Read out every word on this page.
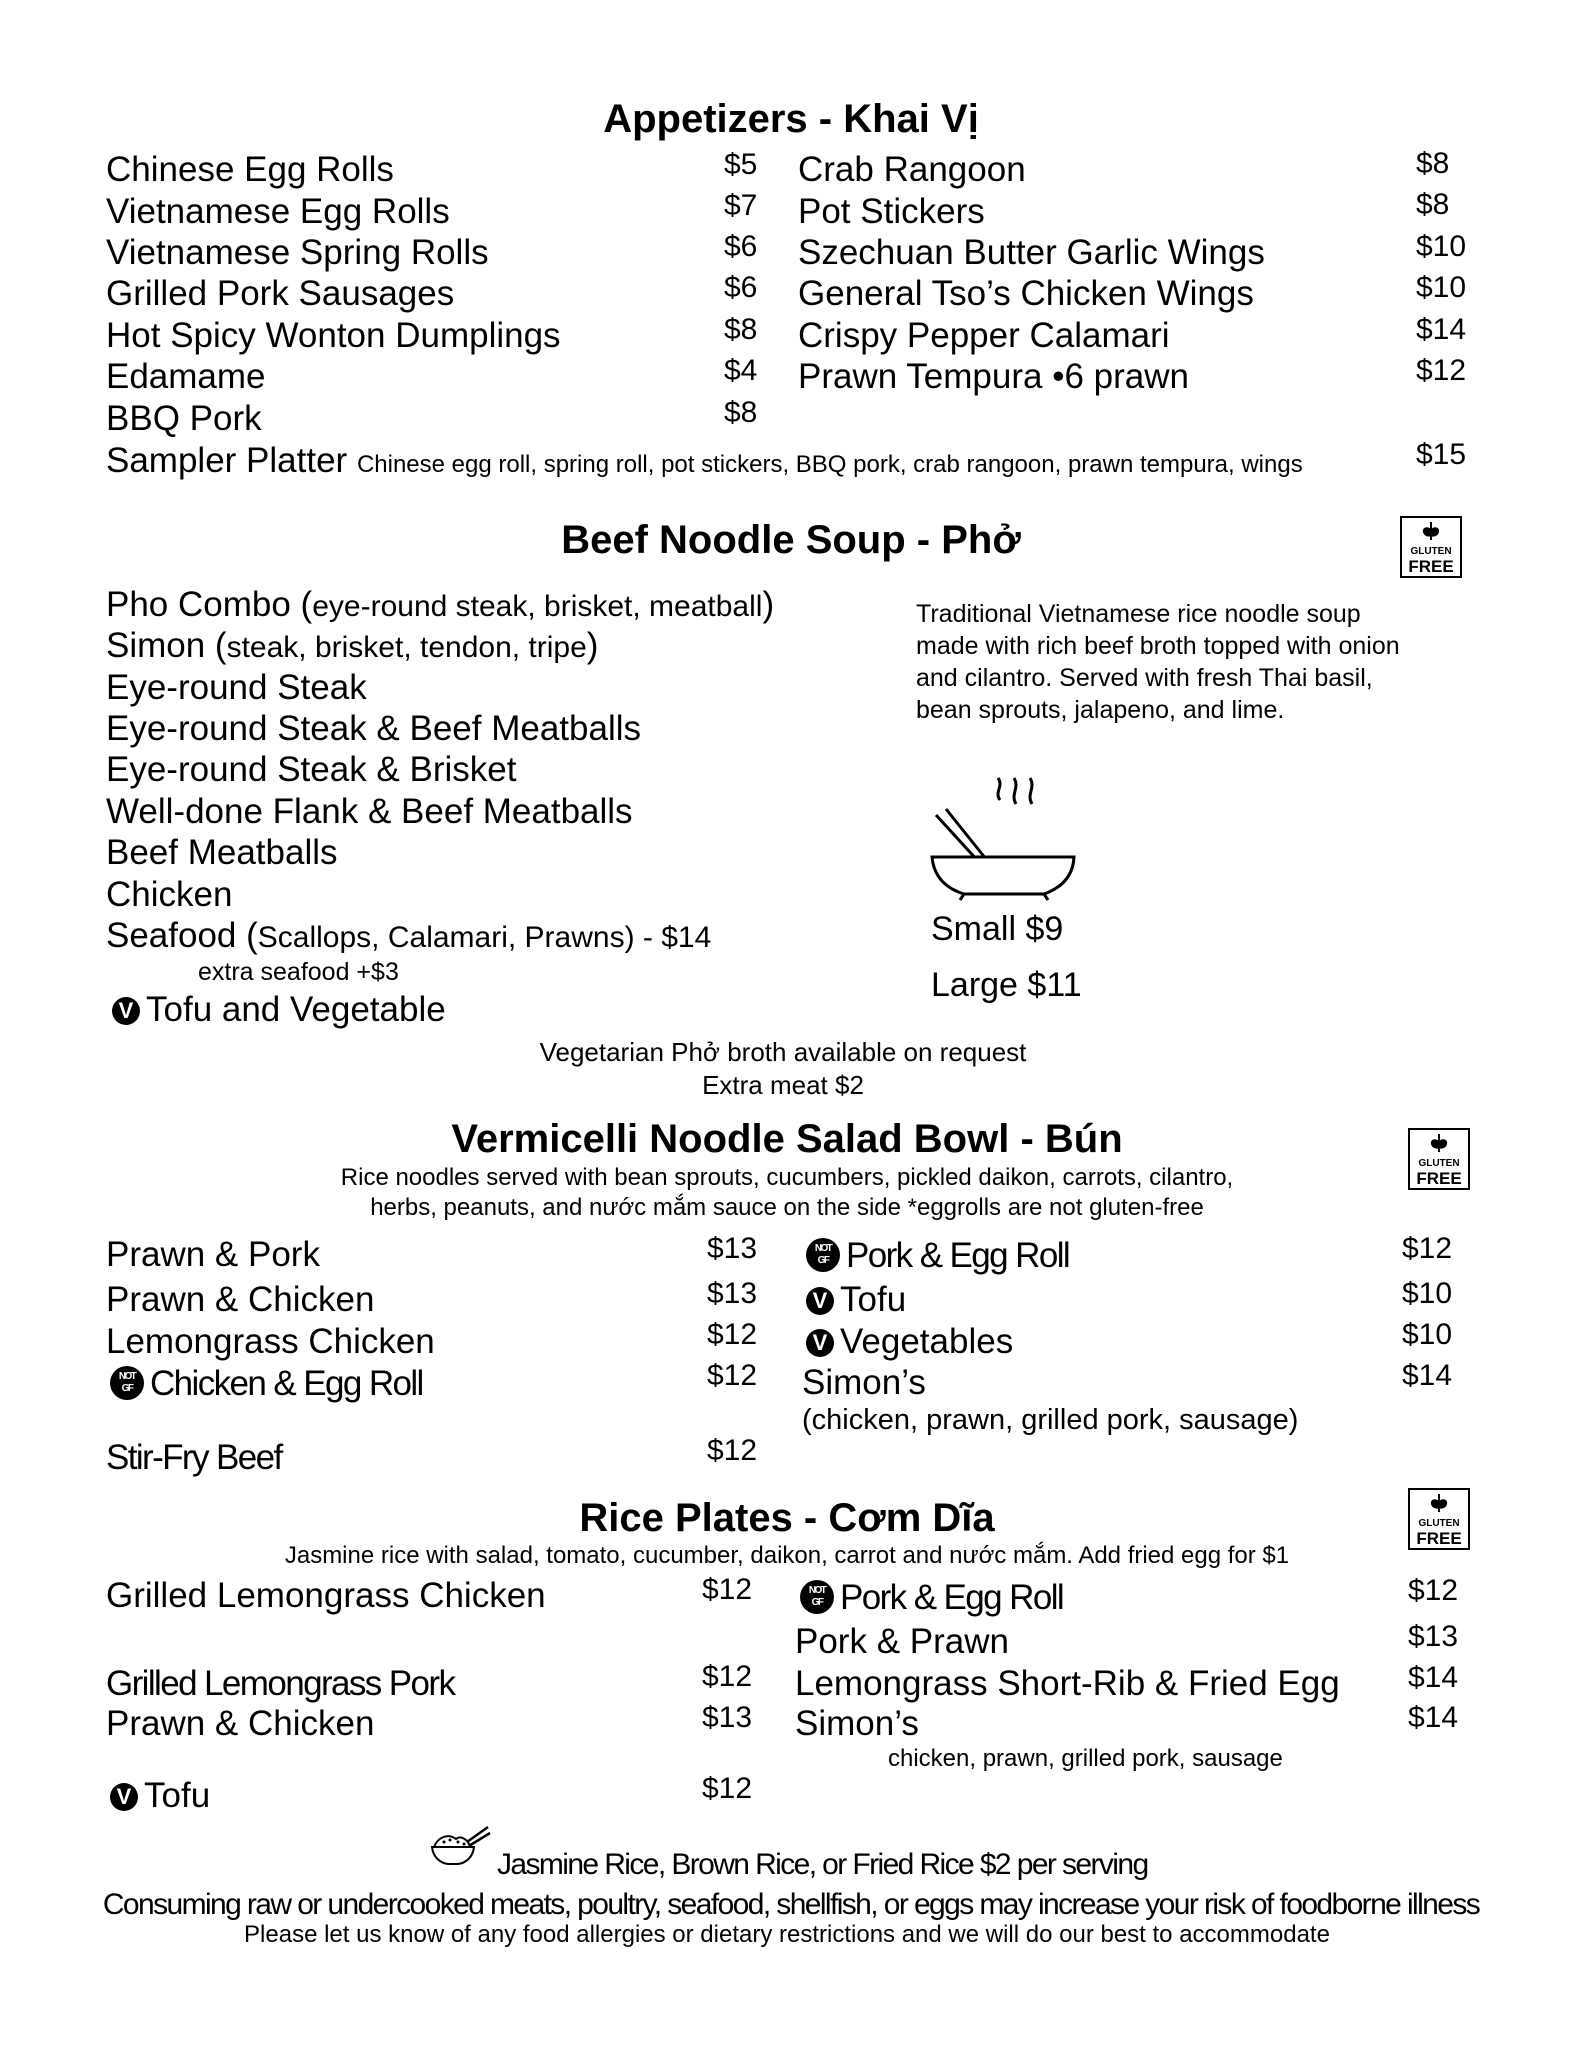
Appetizers - Khai Vị
Chinese Egg Rolls	$5
Vietnamese Egg Rolls	$7
Vietnamese Spring Rolls	$6
Grilled Pork Sausages	$6
Hot Spicy Wonton Dumplings	$8
Edamame	$4
BBQ Pork	$8
Crab Rangoon	$8
Pot Stickers	$8
Szechuan Butter Garlic Wings	$10
General Tso’s Chicken Wings	$10
Crispy Pepper Calamari	$14
Prawn Tempura •6 prawn	$12
Sampler Platter Chinese egg roll, spring roll, pot stickers, BBQ pork, crab rangoon, prawn tempura, wings	$15
Beef Noodle Soup - Phở	GLUTEN
FREE
Pho Combo (eye-round steak, brisket, meatball)
Simon (steak, brisket, tendon, tripe)
Eye-round Steak
Eye-round Steak & Beef Meatballs
Eye-round Steak & Brisket
Well-done Flank & Beef Meatballs
Beef Meatballs
Chicken
Seafood (Scallops, Calamari, Prawns) - $14
extra seafood +$3
V Tofu and Vegetable
Traditional Vietnamese rice noodle soup
made with rich beef broth topped with onion
and cilantro. Served with fresh Thai basil,
bean sprouts, jalapeno, and lime.
Small $9
Large $11
Vegetarian Phở broth available on request
Extra meat $2
Vermicelli Noodle Salad Bowl - Bún
GLUTEN
FREE
Rice noodles served with bean sprouts, cucumbers, pickled daikon, carrots, cilantro,
herbs, peanuts, and nước mắm sauce on the side *eggrolls are not gluten-free
Prawn & Pork	$13
Prawn & Chicken	$13
Lemongrass Chicken	$12
NOT
GF Chicken & Egg Roll	$12
Stir-Fry Beef	$12
NOT
GF Pork & Egg Roll	$12
V Tofu	$10
V Vegetables	$10
Simon’s	$14
(chicken, prawn, grilled pork, sausage)
Rice Plates - Cơm Dĩa	GLUTEN
FREE
Jasmine rice with salad, tomato, cucumber, daikon, carrot and nước mắm. Add fried egg for $1
Grilled Lemongrass Chicken	$12
Grilled Lemongrass Pork	$12
Prawn & Chicken	$13
V Tofu	$12
NOT
GF Pork & Egg Roll	$12
Pork & Prawn	$13
Lemongrass Short-Rib & Fried Egg $14
Simon’s	$14
chicken, prawn, grilled pork, sausage
Jasmine Rice, Brown Rice, or Fried Rice $2 per serving
Consuming raw or undercooked meats, poultry, seafood, shellfish, or eggs may increase your risk of foodborne illness
Please let us know of any food allergies or dietary restrictions and we will do our best to accommodate
